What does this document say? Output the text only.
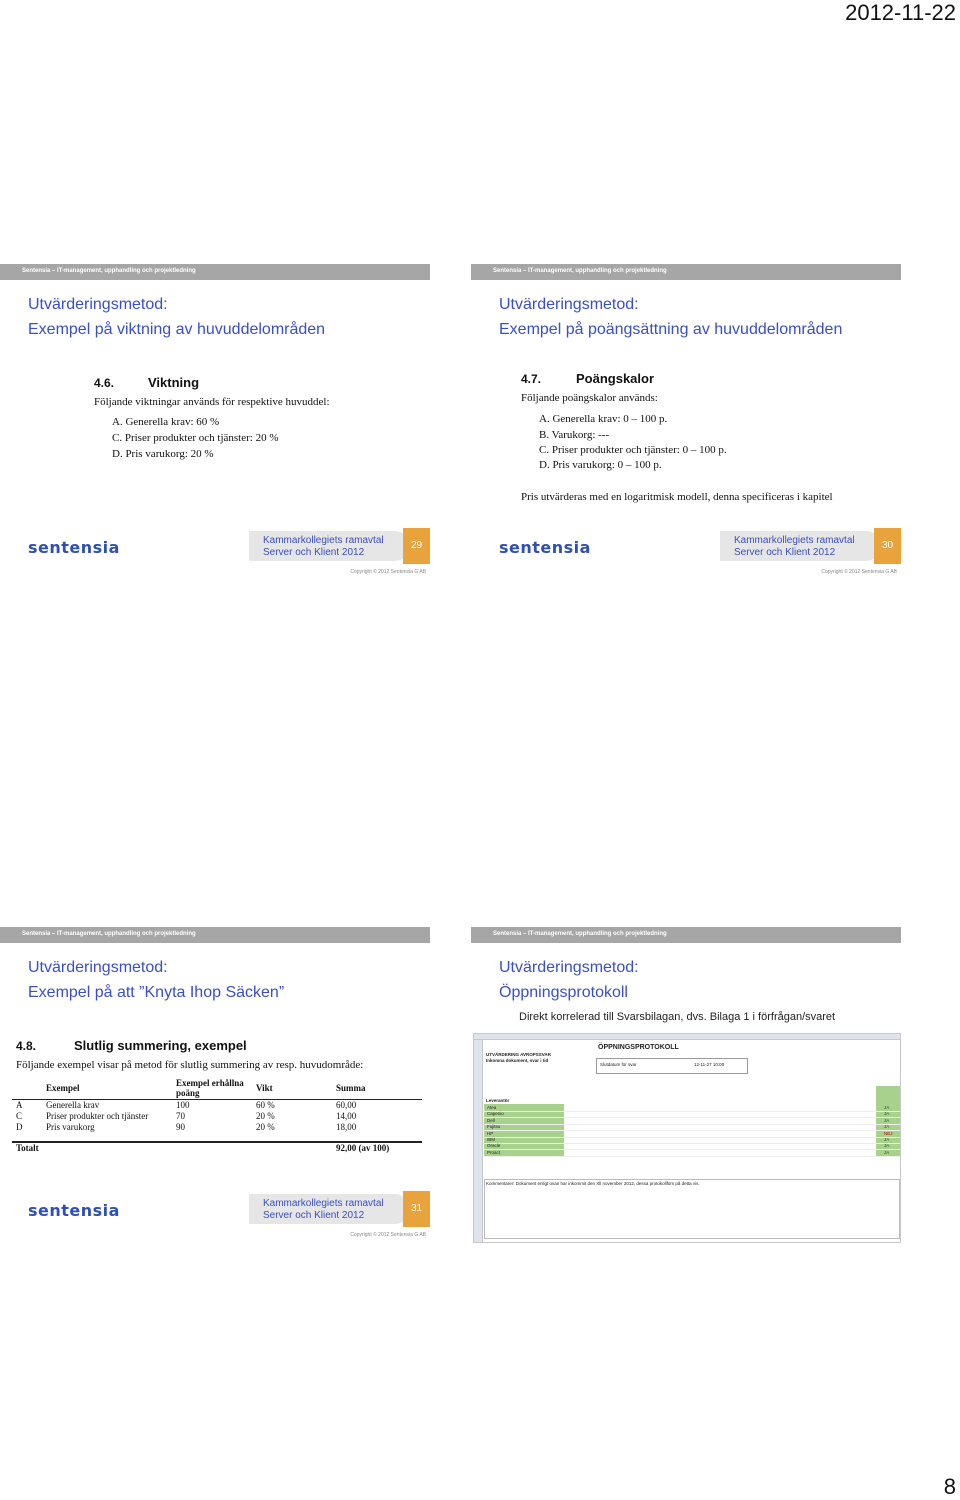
2012-11-22
Sentensia – IT-management, upphandling och projektledning
Utvärderingsmetod:
Exempel på viktning av huvuddelområden
4.6.	Viktning
Följande viktningar används för respektive huvuddel:
A. Generella krav: 60 %
C. Priser produkter och tjänster: 20 %
D. Pris varukorg: 20 %
sentensia	Kammarkollegiets ramavtal
Server och Klient 2012
29
Copyright © 2012 Sentensia G AB
Sentensia – IT-management, upphandling och projektledning
Utvärderingsmetod:
Exempel på poängsättning av huvuddelområden
4.7.	Poängskalor
Följande poängskalor används:
A. Generella krav: 0 – 100 p.
B. Varukorg: ---
C. Priser produkter och tjänster: 0 – 100 p.
D. Pris varukorg: 0 – 100 p.
Pris utvärderas med en logaritmisk modell, denna specificeras i kapitel
sentensia	Kammarkollegiets ramavtal
Server och Klient 2012
30
Copyright © 2012 Sentensia G AB
Sentensia – IT-management, upphandling och projektledning
Utvärderingsmetod:
Exempel på att ”Knyta Ihop Säcken”
4.8.	Slutlig summering, exempel
Följande exempel visar på metod för slutlig summering av resp. huvudområde:
	Exempel	Exempel erhållna poäng	Vikt	Summa
A	Generella krav	100	60 %	60,00
C	Priser produkter och tjänster	70	20 %	14,00
D	Pris varukorg	90	20 %	18,00

Totalt				92,00 (av 100)
sentensia	Kammarkollegiets ramavtal
Server och Klient 2012
31
Copyright © 2012 Sentensia G AB
Sentensia – IT-management, upphandling och projektledning
Utvärderingsmetod:
Öppningsprotokoll
Direkt korrelerad till Svarsbilagan, dvs. Bilaga 1 i förfrågan/svaret
ÖPPNINGSPROTOKOLL
UTVÄRDERING AVROPSSVAR
Inkomna dokument, svar i tid
Slutdatum för svar	12-11-27 10:00
Leverantör
Atea	JA
Capenio	JA
Dell	JA
Fujitsu	JA
HP	NEJ
IBM	JA
Oracle	JA
Proact	JA
Kommentarer: Dokument enligt ovan har inkommit den Xll november 2012, dessa protokollförs på detta vis.
8
